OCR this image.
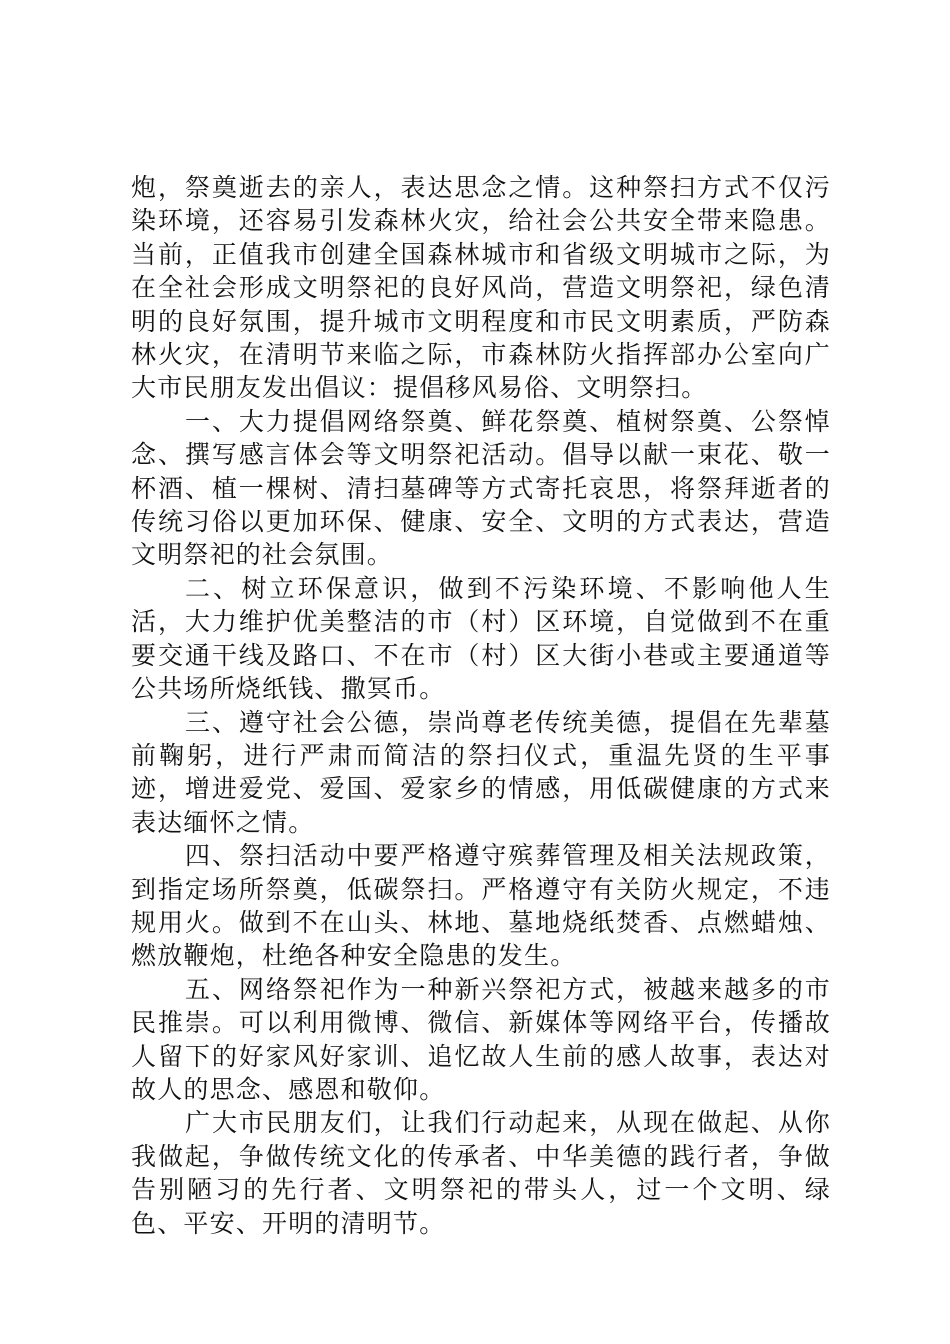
炮，祭奠逝去的亲人，表达思念之情。这种祭扫方式不仅污染环境，还容易引发森林火灾，给社会公共安全带来隐患。当前，正值我市创建全国森林城市和省级文明城市之际，为在全社会形成文明祭祀的良好风尚，营造文明祭祀，绿色清明的良好氛围，提升城市文明程度和市民文明素质，严防森林火灾，在清明节来临之际，市森林防火指挥部办公室向广大市民朋友发出倡议：提倡移风易俗、文明祭扫。

一、大力提倡网络祭奠、鲜花祭奠、植树祭奠、公祭悼念、撰写感言体会等文明祭祀活动。倡导以献一束花、敬一杯酒、植一棵树、清扫墓碑等方式寄托哀思，将祭拜逝者的传统习俗以更加环保、健康、安全、文明的方式表达，营造文明祭祀的社会氛围。

二、树立环保意识，做到不污染环境、不影响他人生活，大力维护优美整洁的市（村）区环境，自觉做到不在重要交通干线及路口、不在市（村）区大街小巷或主要通道等公共场所烧纸钱、撒冥币。

三、遵守社会公德，崇尚尊老传统美德，提倡在先辈墓前鞠躬，进行严肃而简洁的祭扫仪式，重温先贤的生平事迹，增进爱党、爱国、爱家乡的情感，用低碳健康的方式来表达缅怀之情。

四、祭扫活动中要严格遵守殡葬管理及相关法规政策，到指定场所祭奠，低碳祭扫。严格遵守有关防火规定，不违规用火。做到不在山头、林地、墓地烧纸焚香、点燃蜡烛、燃放鞭炮，杜绝各种安全隐患的发生。

五、网络祭祀作为一种新兴祭祀方式，被越来越多的市民推崇。可以利用微博、微信、新媒体等网络平台，传播故人留下的好家风好家训、追忆故人生前的感人故事，表达对故人的思念、感恩和敬仰。

广大市民朋友们，让我们行动起来，从现在做起、从你我做起，争做传统文化的传承者、中华美德的践行者，争做告别陋习的先行者、文明祭祀的带头人，过一个文明、绿色、平安、开明的清明节。
